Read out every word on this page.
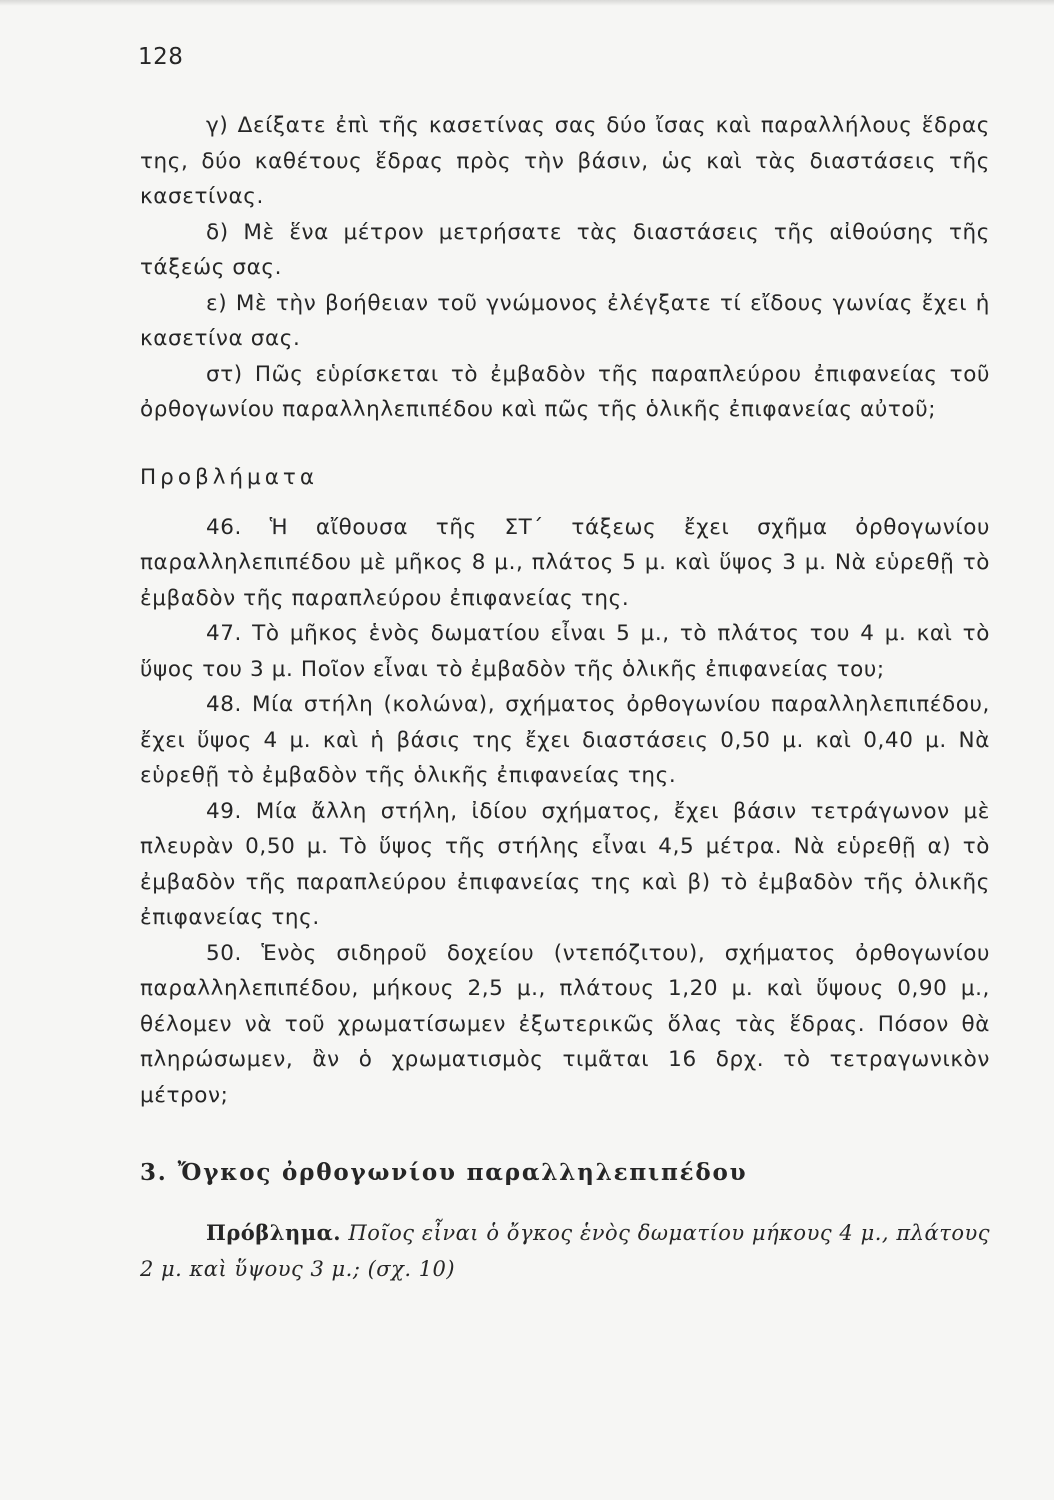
128

γ) Δείξατε ἐπὶ τῆς κασετίνας σας δύο ἴσας καὶ παραλλήλους ἕδρας της, δύο καθέτους ἕδρας πρὸς τὴν βάσιν, ὡς καὶ τὰς διαστάσεις τῆς κασετίνας.

δ) Μὲ ἕνα μέτρον μετρήσατε τὰς διαστάσεις τῆς αἰθούσης τῆς τάξεώς σας.

ε) Μὲ τὴν βοήθειαν τοῦ γνώμονος ἐλέγξατε τί εἴδους γωνίας ἔχει ἡ κασετίνα σας.

στ) Πῶς εὑρίσκεται τὸ ἐμβαδὸν τῆς παραπλεύρου ἐπιφανείας τοῦ ὀρθογωνίου παραλληλεπιπέδου καὶ πῶς τῆς ὁλικῆς ἐπιφανείας αὐτοῦ;

Προβλήματα

46. Ἡ αἴθουσα τῆς ΣΤ΄ τάξεως ἔχει σχῆμα ὀρθογωνίου παραλληλεπιπέδου μὲ μῆκος 8 μ., πλάτος 5 μ. καὶ ὕψος 3 μ. Νὰ εὑρεθῇ τὸ ἐμβαδὸν τῆς παραπλεύρου ἐπιφανείας της.

47. Τὸ μῆκος ἑνὸς δωματίου εἶναι 5 μ., τὸ πλάτος του 4 μ. καὶ τὸ ὕψος του 3 μ. Ποῖον εἶναι τὸ ἐμβαδὸν τῆς ὁλικῆς ἐπιφανείας του;

48. Μία στήλη (κολώνα), σχήματος ὀρθογωνίου παραλληλεπιπέδου, ἔχει ὕψος 4 μ. καὶ ἡ βάσις της ἔχει διαστάσεις 0,50 μ. καὶ 0,40 μ. Νὰ εὑρεθῇ τὸ ἐμβαδὸν τῆς ὁλικῆς ἐπιφανείας της.

49. Μία ἄλλη στήλη, ἰδίου σχήματος, ἔχει βάσιν τετράγωνον μὲ πλευρὰν 0,50 μ. Τὸ ὕψος τῆς στήλης εἶναι 4,5 μέτρα. Νὰ εὑρεθῇ α) τὸ ἐμβαδὸν τῆς παραπλεύρου ἐπιφανείας της καὶ β) τὸ ἐμβαδὸν τῆς ὁλικῆς ἐπιφανείας της.

50. Ἑνὸς σιδηροῦ δοχείου (ντεπόζιτου), σχήματος ὀρθογωνίου παραλληλεπιπέδου, μήκους 2,5 μ., πλάτους 1,20 μ. καὶ ὕψους 0,90 μ., θέλομεν νὰ τοῦ χρωματίσωμεν ἐξωτερικῶς ὅλας τὰς ἕδρας. Πόσον θὰ πληρώσωμεν, ἂν ὁ χρωματισμὸς τιμᾶται 16 δρχ. τὸ τετραγωνικὸν μέτρον;

3. Ὄγκος ὀρθογωνίου παραλληλεπιπέδου

Πρόβλημα. Ποῖος εἶναι ὁ ὄγκος ἑνὸς δωματίου μήκους 4 μ., πλάτους 2 μ. καὶ ὕψους 3 μ.; (σχ. 10)
